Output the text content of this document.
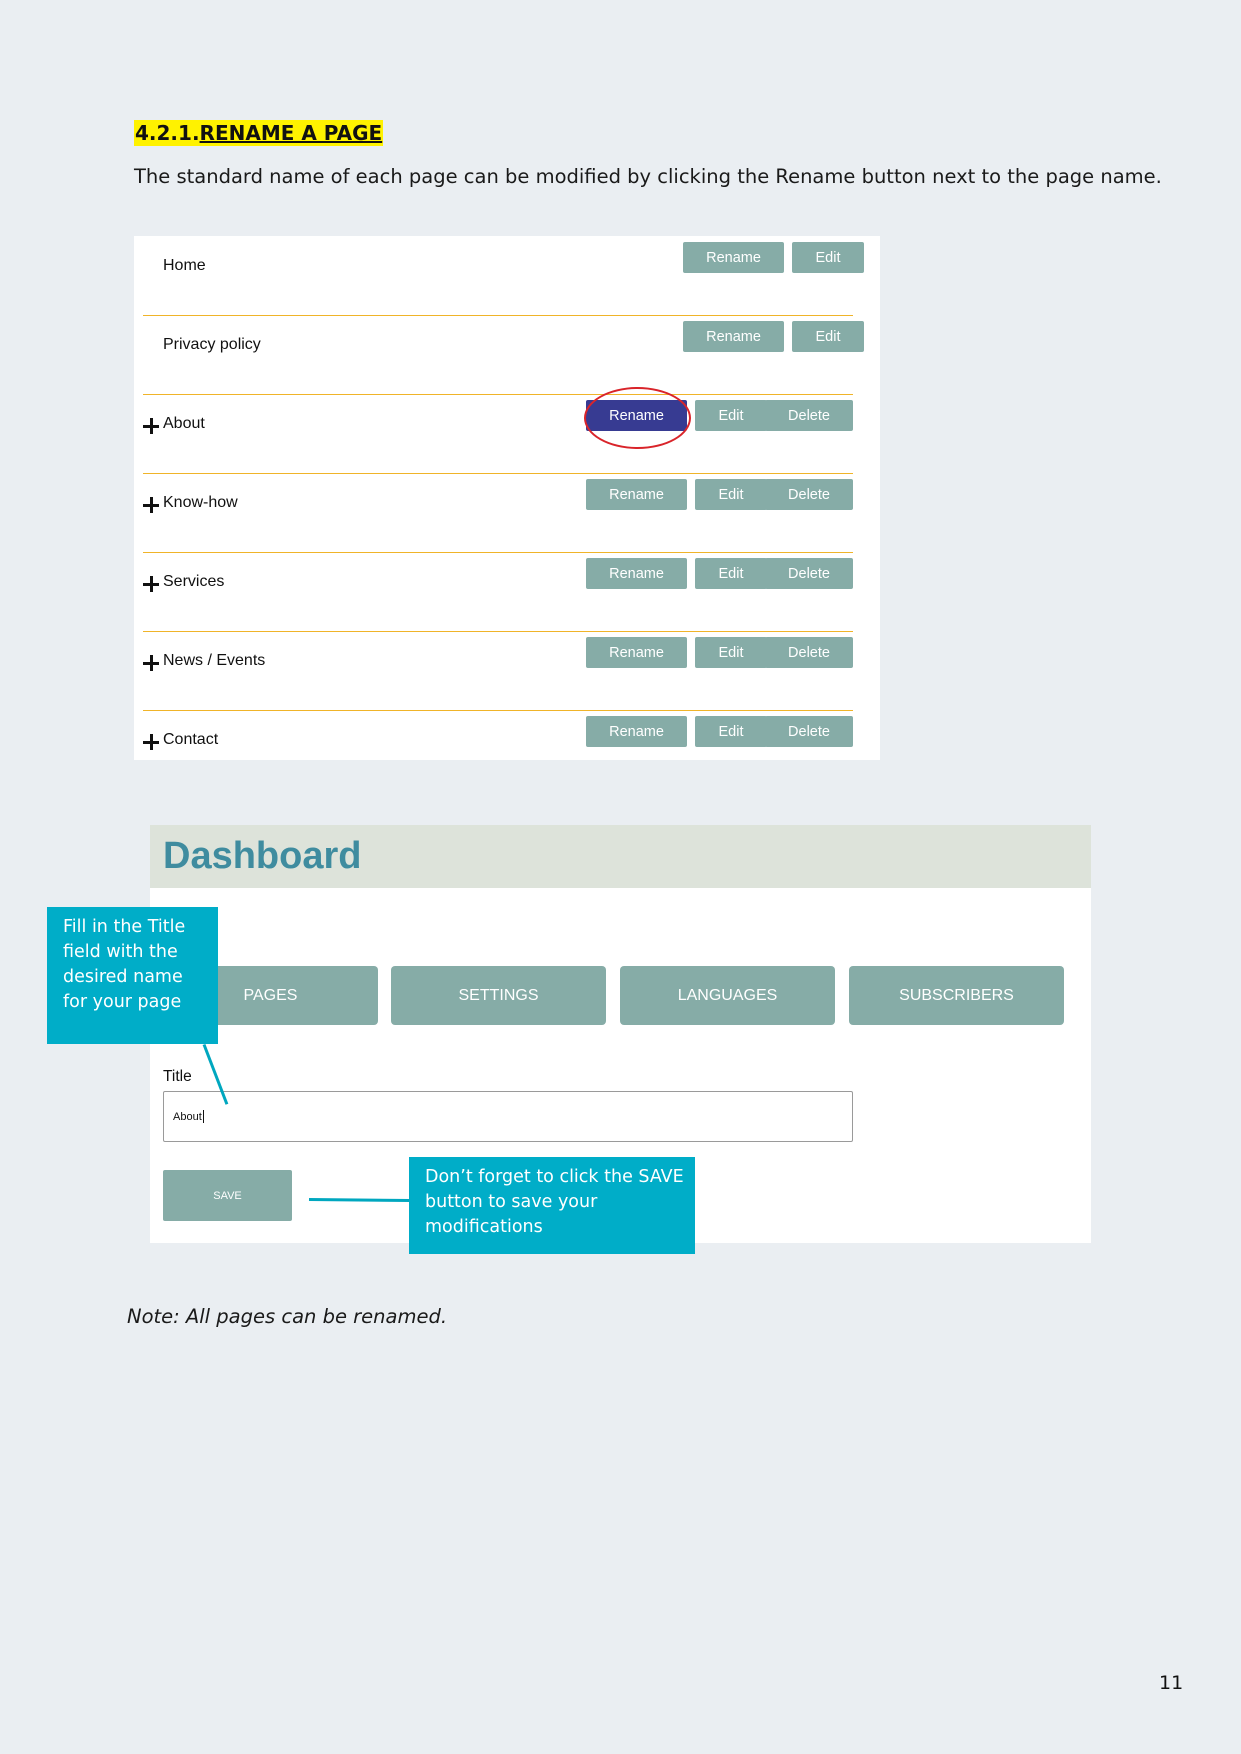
4.2.1.RENAME A PAGE

The standard name of each page can be modified by clicking the Rename button next to the page name.

Home	Rename	Edit
Privacy policy	Rename	Edit
About	Rename	Edit	Delete
Know-how	Rename	Edit	Delete
Services	Rename	Edit	Delete
News / Events	Rename	Edit	Delete
Contact	Rename	Edit	Delete
Dashboard
PAGES	SETTINGS	LANGUAGES	SUBSCRIBERS
Title
About
SAVE
Fill in the Title field with the desired name for your page
Don’t forget to click the SAVE button to save your modifications

Note: All pages can be renamed.

11
